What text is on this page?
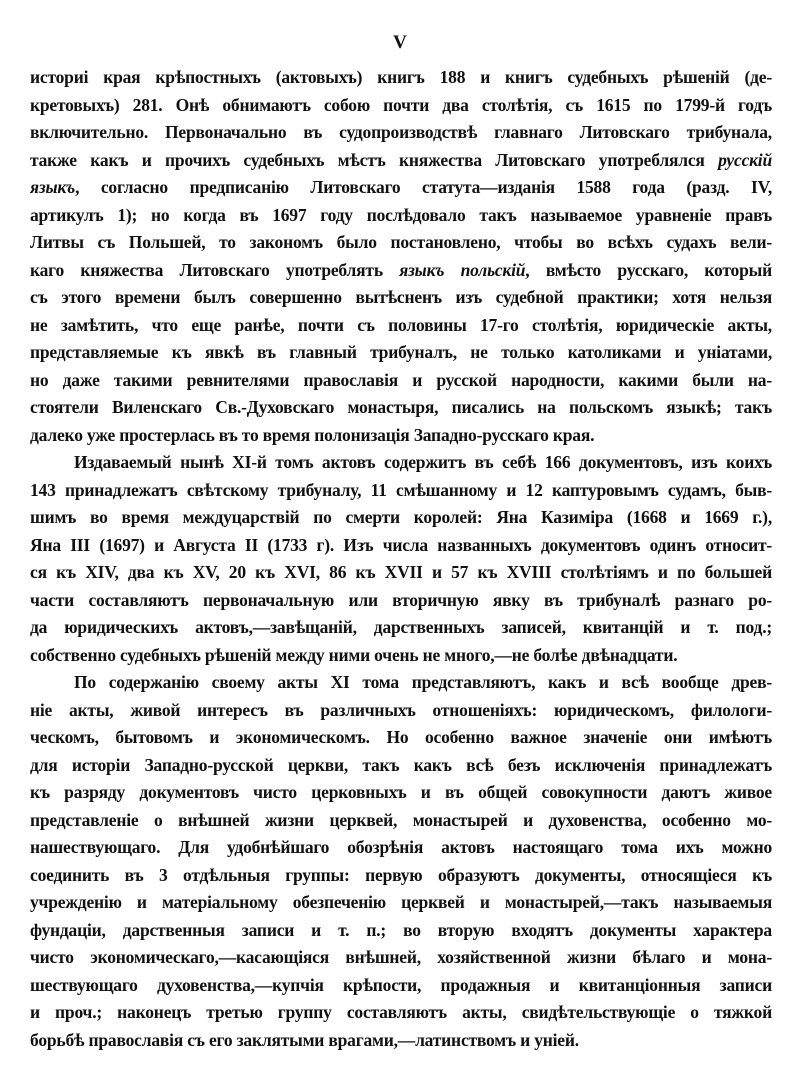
V
историі края крѣпостныхъ (актовыхъ) книгъ 188 и книгъ судебныхъ рѣшеній (де-
кретовыхъ) 281. Онѣ обнимаютъ собою почти два столѣтія, съ 1615 по 1799-й годъ
включительно. Первоначально въ судопроизводствѣ главнаго Литовскаго трибунала,
также какъ и прочихъ судебныхъ мѣстъ княжества Литовскаго употреблялся русскій
языкъ, согласно предписанію Литовскаго статута—изданія 1588 года (разд. IV,
артикулъ 1); но когда въ 1697 году послѣдовало такъ называемое уравненіе правъ
Литвы съ Польшей, то закономъ было постановлено, чтобы во всѣхъ судахъ вели-
каго княжества Литовскаго употреблять языкъ польскій, вмѣсто русскаго, который
съ этого времени былъ совершенно вытѣсненъ изъ судебной практики; хотя нельзя
не замѣтить, что еще ранѣе, почти съ половины 17-го столѣтія, юридическіе акты,
представляемые къ явкѣ въ главный трибуналъ, не только католиками и уніатами,
но даже такими ревнителями православія и русской народности, какими были на-
стоятели Виленскаго Св.-Духовскаго монастыря, писались на польскомъ языкѣ; такъ
далеко уже простерлась въ то время полонизація Западно-русскаго края.
Издаваемый нынѣ XI-й томъ актовъ содержитъ въ себѣ 166 документовъ, изъ коихъ
143 принадлежатъ свѣтскому трибуналу, 11 смѣшанному и 12 каптуровымъ судамъ, быв-
шимъ во время междуцарствій по смерти королей: Яна Казиміра (1668 и 1669 г.),
Яна III (1697) и Августа II (1733 г). Изъ числа названныхъ документовъ одинъ относит-
ся къ XIV, два къ XV, 20 къ XVI, 86 къ XVII и 57 къ XVIII столѣтіямъ и по большей
части составляютъ первоначальную или вторичную явку въ трибуналѣ разнаго ро-
да юридическихъ актовъ,—завѣщаній, дарственныхъ записей, квитанцій и т. под.;
собственно судебныхъ рѣшеній между ними очень не много,—не болѣе двѣнадцати.
По содержанію своему акты XI тома представляютъ, какъ и всѣ вообще древ-
ніе акты, живой интересъ въ различныхъ отношеніяхъ: юридическомъ, филологи-
ческомъ, бытовомъ и экономическомъ. Но особенно важное значеніе они имѣютъ
для исторіи Западно-русской церкви, такъ какъ всѣ безъ исключенія принадлежатъ
къ разряду документовъ чисто церковныхъ и въ общей совокупности даютъ живое
представленіе о внѣшней жизни церквей, монастырей и духовенства, особенно мо-
нашествующаго. Для удобнѣйшаго обозрѣнія актовъ настоящаго тома ихъ можно
соединить въ 3 отдѣльныя группы: первую образуютъ документы, относящіеся къ
учрежденію и матеріальному обезпеченію церквей и монастырей,—такъ называемыя
фундаціи, дарственныя записи и т. п.; во вторую входятъ документы характера
чисто экономическаго,—касающіяся внѣшней, хозяйственной жизни бѣлаго и мона-
шествующаго духовенства,—купчія крѣпости, продажныя и квитанціонныя записи
и проч.; наконецъ третью группу составляютъ акты, свидѣтельствующіе о тяжкой
борьбѣ православія съ его заклятыми врагами,—латинствомъ и уніей.
